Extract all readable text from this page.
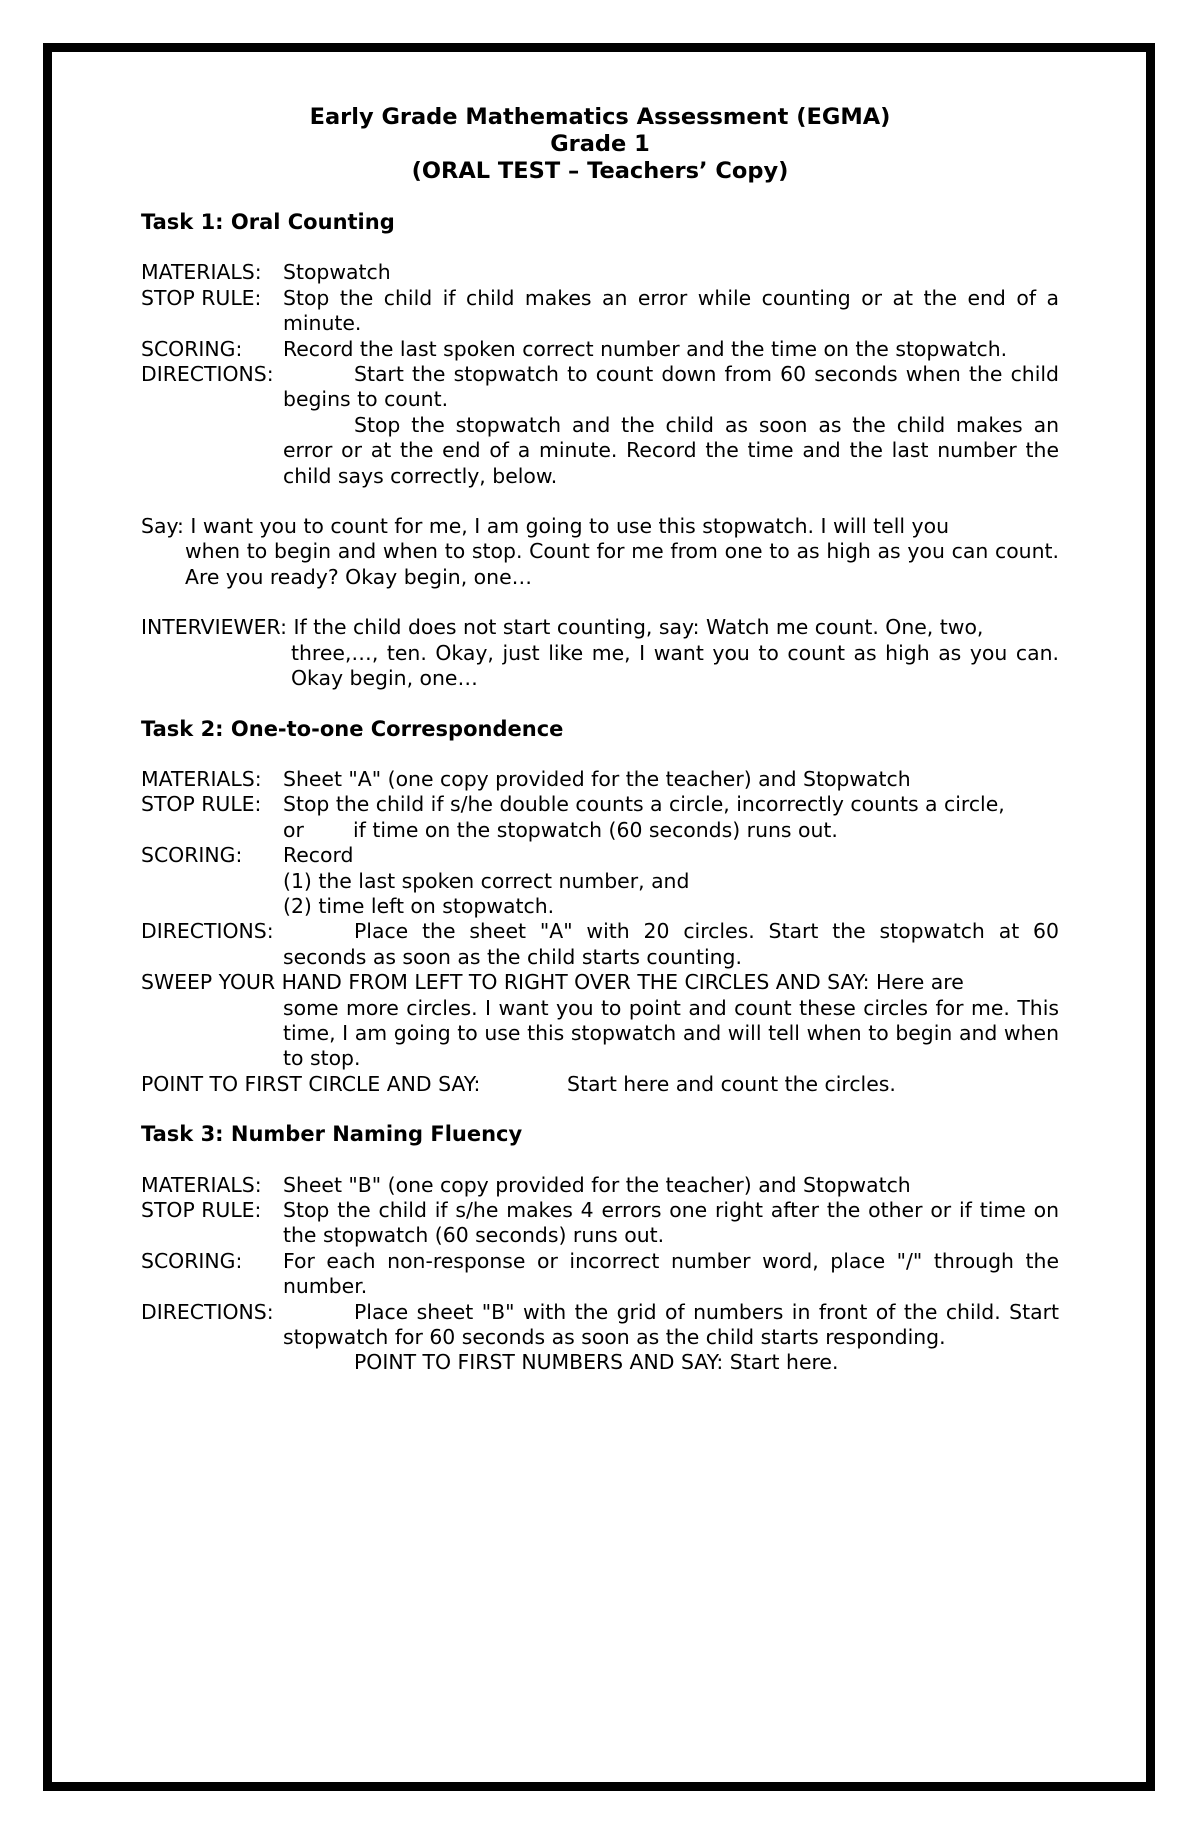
Early Grade Mathematics Assessment (EGMA)
Grade 1
(ORAL TEST – Teachers’ Copy)
Task 1: Oral Counting
MATERIALS:	Stopwatch
STOP RULE:	Stop the child if child makes an error while counting or at the end of a minute.
SCORING:	Record the last spoken correct number and the time on the stopwatch.
DIRECTIONS:	Start the stopwatch to count down from 60 seconds when the child begins to count.
Stop the stopwatch and the child as soon as the child makes an error or at the end of a minute. Record the time and the last number the child says correctly, below.
Say: I want you to count for me, I am going to use this stopwatch. I will tell you
when to begin and when to stop. Count for me from one to as high as you can count. Are you ready? Okay begin, one…
INTERVIEWER: If the child does not start counting, say: Watch me count. One, two,
three,…, ten. Okay, just like me, I want you to count as high as you can. Okay begin, one…
Task 2: One-to-one Correspondence
MATERIALS:	Sheet "A" (one copy provided for the teacher) and Stopwatch
STOP RULE:	Stop the child if s/he double counts a circle, incorrectly counts a circle,
or if time on the stopwatch (60 seconds) runs out.
SCORING:	Record
(1) the last spoken correct number, and
(2) time left on stopwatch.
DIRECTIONS:	Place the sheet "A" with 20 circles. Start the stopwatch at 60 seconds as soon as the child starts counting.
SWEEP YOUR HAND FROM LEFT TO RIGHT OVER THE CIRCLES AND SAY: Here are
some more circles. I want you to point and count these circles for me. This time, I am going to use this stopwatch and will tell when to begin and when to stop.
POINT TO FIRST CIRCLE AND SAY:	Start here and count the circles.
Task 3: Number Naming Fluency
MATERIALS:	Sheet "B" (one copy provided for the teacher) and Stopwatch
STOP RULE:	Stop the child if s/he makes 4 errors one right after the other or if time on the stopwatch (60 seconds) runs out.
SCORING:	For each non-response or incorrect number word, place "/" through the number.
DIRECTIONS:	Place sheet "B" with the grid of numbers in front of the child. Start stopwatch for 60 seconds as soon as the child starts responding.
POINT TO FIRST NUMBERS AND SAY: Start here.
